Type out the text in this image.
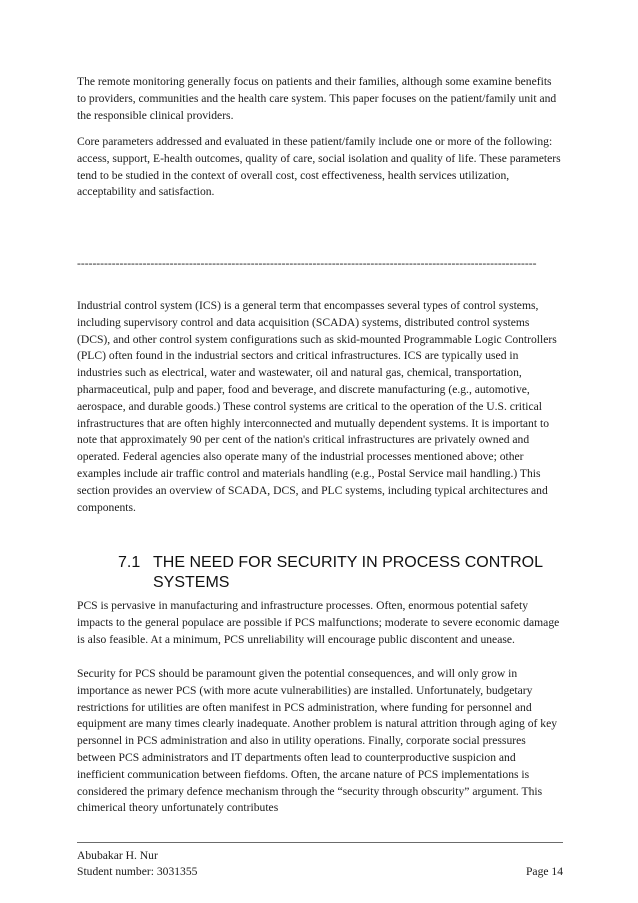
The remote monitoring generally focus on patients and their families, although some examine benefits to providers, communities and the health care system. This paper focuses on the patient/family unit and the responsible clinical providers.

Core parameters addressed and evaluated in these patient/family include one or more of the following: access, support, E-health outcomes, quality of care, social isolation and quality of life. These parameters tend to be studied in the context of overall cost, cost effectiveness, health services utilization, acceptability and satisfaction.

-----------------------------------------------------------------------------------------------------------------------

Industrial control system (ICS) is a general term that encompasses several types of control systems, including supervisory control and data acquisition (SCADA) systems, distributed control systems (DCS), and other control system configurations such as skid-mounted Programmable Logic Controllers (PLC) often found in the industrial sectors and critical infrastructures. ICS are typically used in industries such as electrical, water and wastewater, oil and natural gas, chemical, transportation, pharmaceutical, pulp and paper, food and beverage, and discrete manufacturing (e.g., automotive, aerospace, and durable goods.) These control systems are critical to the operation of the U.S. critical infrastructures that are often highly interconnected and mutually dependent systems. It is important to note that approximately 90 per cent of the nation's critical infrastructures are privately owned and operated. Federal agencies also operate many of the industrial processes mentioned above; other examples include air traffic control and materials handling (e.g., Postal Service mail handling.) This section provides an overview of SCADA, DCS, and PLC systems, including typical architectures and components.

7.1 THE NEED FOR SECURITY IN PROCESS CONTROL SYSTEMS

PCS is pervasive in manufacturing and infrastructure processes. Often, enormous potential safety impacts to the general populace are possible if PCS malfunctions; moderate to severe economic damage is also feasible. At a minimum, PCS unreliability will encourage public discontent and unease.

Security for PCS should be paramount given the potential consequences, and will only grow in importance as newer PCS (with more acute vulnerabilities) are installed. Unfortunately, budgetary restrictions for utilities are often manifest in PCS administration, where funding for personnel and equipment are many times clearly inadequate. Another problem is natural attrition through aging of key personnel in PCS administration and also in utility operations. Finally, corporate social pressures between PCS administrators and IT departments often lead to counterproductive suspicion and inefficient communication between fiefdoms. Often, the arcane nature of PCS implementations is considered the primary defence mechanism through the “security through obscurity” argument. This chimerical theory unfortunately contributes

Abubakar H. Nur
Student number: 3031355	Page 14
